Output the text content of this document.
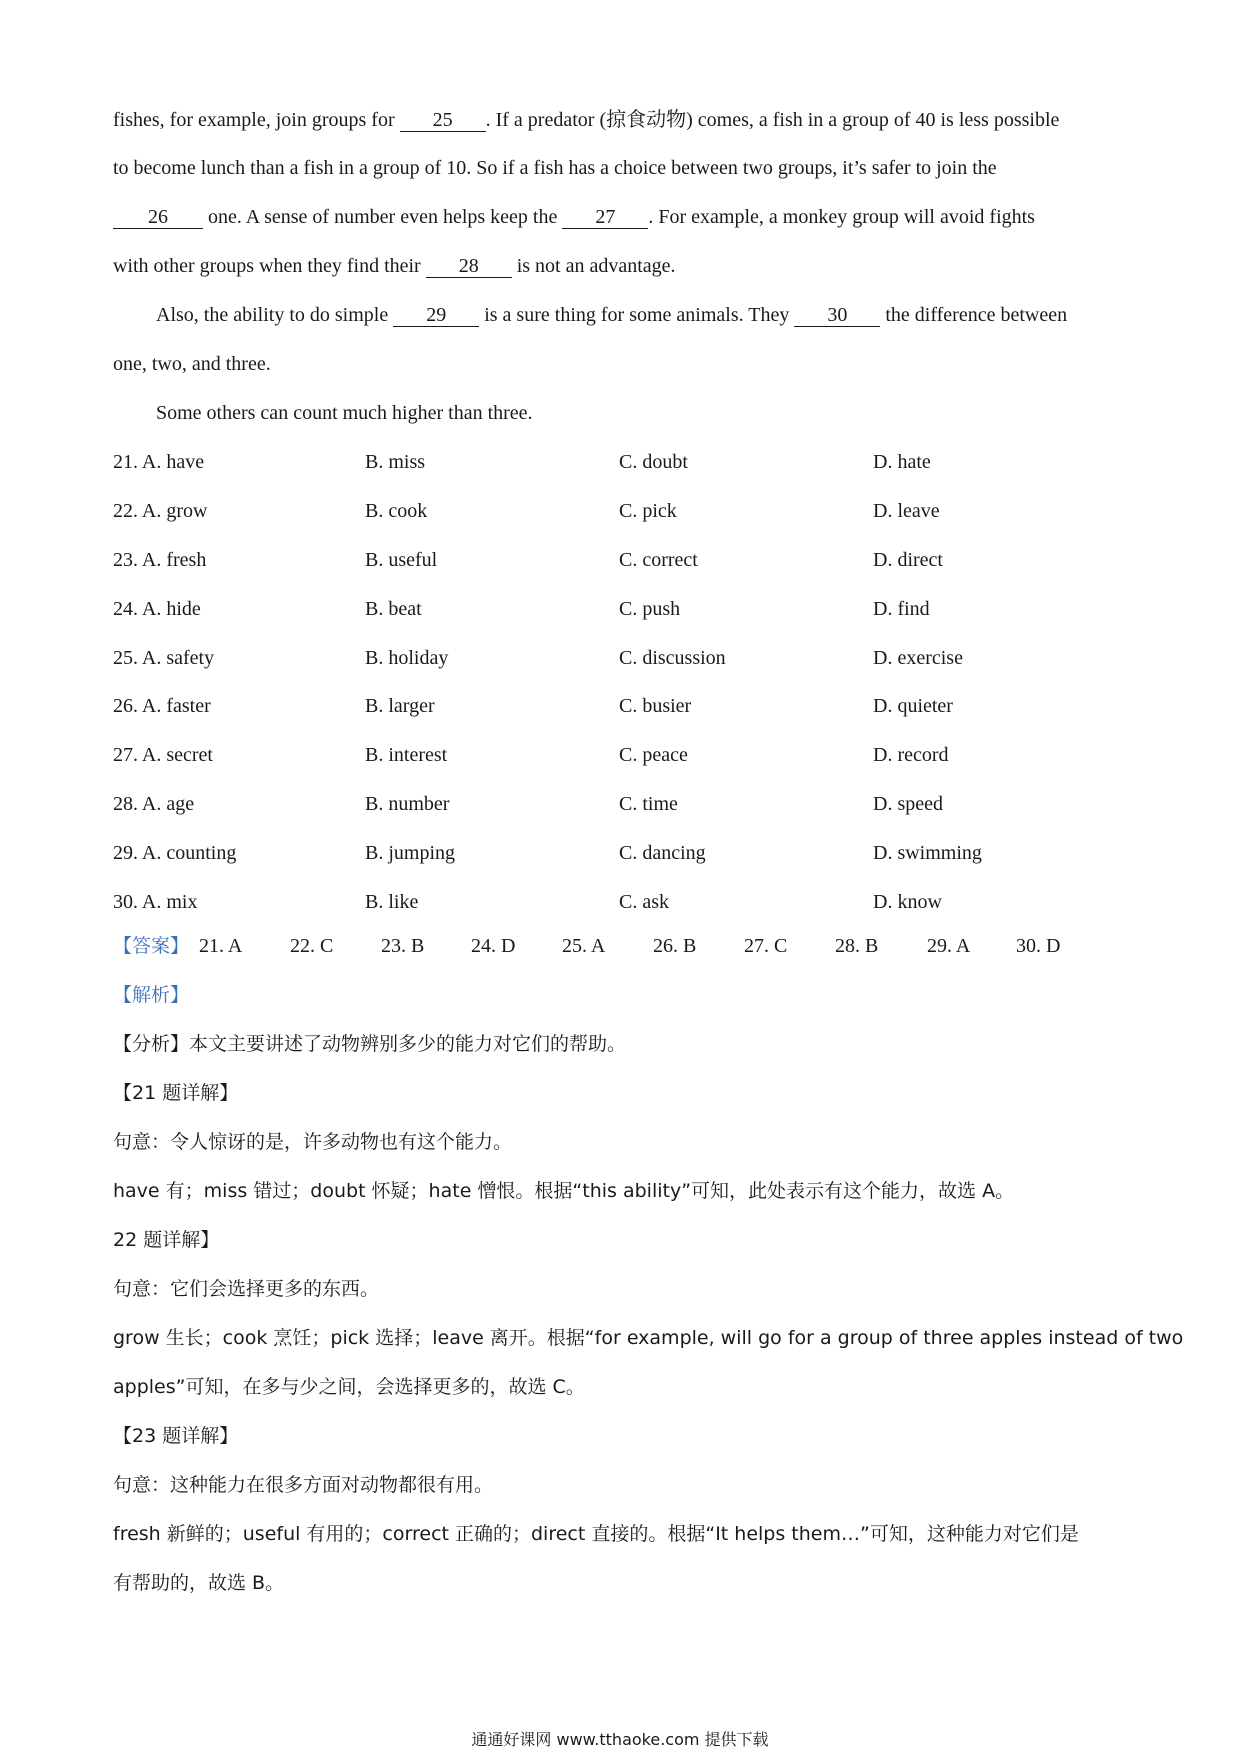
fishes, for example, join groups for 25 . If a predator (掠食动物) comes, a fish in a group of 40 is less possible
to become lunch than a fish in a group of 10. So if a fish has a choice between two groups, it’s safer to join the
26 one. A sense of number even helps keep the 27 . For example, a monkey group will avoid fights
with other groups when they find their 28 is not an advantage.
Also, the ability to do simple 29 is a sure thing for some animals. They 30 the difference between
one, two, and three.
Some others can count much higher than three.
21. A. have	B. miss	C. doubt	D. hate
22. A. grow	B. cook	C. pick	D. leave
23. A. fresh	B. useful	C. correct	D. direct
24. A. hide	B. beat	C. push	D. find
25. A. safety	B. holiday	C. discussion	D. exercise
26. A. faster	B. larger	C. busier	D. quieter
27. A. secret	B. interest	C. peace	D. record
28. A. age	B. number	C. time	D. speed
29. A. counting	B. jumping	C. dancing	D. swimming
30. A. mix	B. like	C. ask	D. know
【答案】 21. A 22. C 23. B 24. D 25. A 26. B 27. C 28. B 29. A 30. D
【解析】
【分析】本文主要讲述了动物辨别多少的能力对它们的帮助。
【21 题详解】
句意：令人惊讶的是，许多动物也有这个能力。
have 有；miss 错过；doubt 怀疑；hate 憎恨。根据“this ability”可知，此处表示有这个能力，故选 A。
22 题详解】
句意：它们会选择更多的东西。
grow 生长；cook 烹饪；pick 选择；leave 离开。根据“for example, will go for a group of three apples instead of two
apples”可知，在多与少之间，会选择更多的，故选 C。
【23 题详解】
句意：这种能力在很多方面对动物都很有用。
fresh 新鲜的；useful 有用的；correct 正确的；direct 直接的。根据“It helps them…”可知，这种能力对它们是
有帮助的，故选 B。
通通好课网 www.tthaoke.com 提供下载
